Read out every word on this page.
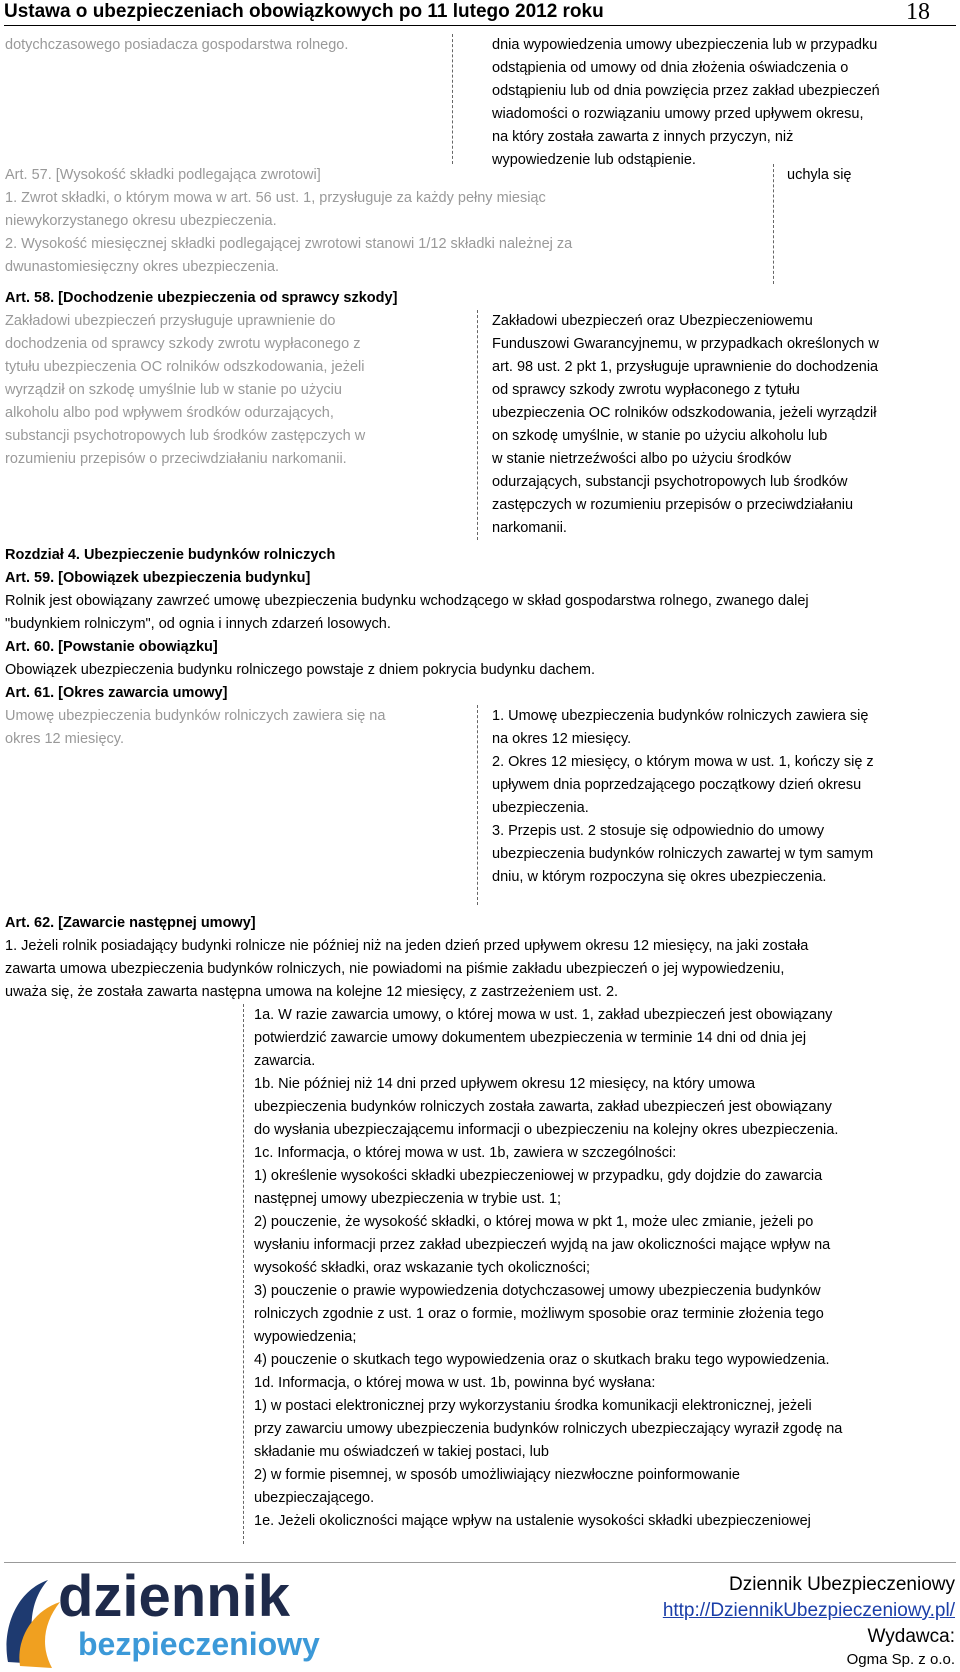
Ustawa o ubezpieczeniach obowiązkowych po 11 lutego 2012 roku	18
dotychczasowego posiadacza gospodarstwa rolnego.	dnia wypowiedzenia umowy ubezpieczenia lub w przypadku

odstąpienia od umowy od dnia złożenia oświadczenia o

odstąpieniu lub od dnia powzięcia przez zakład ubezpieczeń

wiadomości o rozwiązaniu umowy przed upływem okresu,

na który została zawarta z innych przyczyn, niż

wypowiedzenie lub odstąpienie.

Art. 57. [Wysokość składki podlegająca zwrotowi]

1. Zwrot składki, o którym mowa w art. 56 ust. 1, przysługuje za każdy pełny miesiąc

niewykorzystanego okresu ubezpieczenia.

2. Wysokość miesięcznej składki podlegającej zwrotowi stanowi 1/12 składki należnej za

dwunastomiesięczny okres ubezpieczenia.

uchyla się
Art. 58. [Dochodzenie ubezpieczenia od sprawcy szkody]

Zakładowi ubezpieczeń przysługuje uprawnienie do

dochodzenia od sprawcy szkody zwrotu wypłaconego z

tytułu ubezpieczenia OC rolników odszkodowania, jeżeli

wyrządził on szkodę umyślnie lub w stanie po użyciu

alkoholu albo pod wpływem środków odurzających,

substancji psychotropowych lub środków zastępczych w

rozumieniu przepisów o przeciwdziałaniu narkomanii.

Zakładowi ubezpieczeń oraz Ubezpieczeniowemu

Funduszowi Gwarancyjnemu, w przypadkach określonych w

art. 98 ust. 2 pkt 1, przysługuje uprawnienie do dochodzenia

od sprawcy szkody zwrotu wypłaconego z tytułu

ubezpieczenia OC rolników odszkodowania, jeżeli wyrządził

on szkodę umyślnie, w stanie po użyciu alkoholu lub

w stanie nietrzeźwości albo po użyciu środków

odurzających, substancji psychotropowych lub środków

zastępczych w rozumieniu przepisów o przeciwdziałaniu

narkomanii.

Rozdział 4. Ubezpieczenie budynków rolniczych

Art. 59. [Obowiązek ubezpieczenia budynku]

Rolnik jest obowiązany zawrzeć umowę ubezpieczenia budynku wchodzącego w skład gospodarstwa rolnego, zwanego dalej

"budynkiem rolniczym", od ognia i innych zdarzeń losowych.

Art. 60. [Powstanie obowiązku]

Obowiązek ubezpieczenia budynku rolniczego powstaje z dniem pokrycia budynku dachem.

Art. 61. [Okres zawarcia umowy]

Umowę ubezpieczenia budynków rolniczych zawiera się na

okres 12 miesięcy.

1. Umowę ubezpieczenia budynków rolniczych zawiera się

na okres 12 miesięcy.

2. Okres 12 miesięcy, o którym mowa w ust. 1, kończy się z

upływem dnia poprzedzającego początkowy dzień okresu

ubezpieczenia.

3. Przepis ust. 2 stosuje się odpowiednio do umowy

ubezpieczenia budynków rolniczych zawartej w tym samym

dniu, w którym rozpoczyna się okres ubezpieczenia.

Art. 62. [Zawarcie następnej umowy]

1. Jeżeli rolnik posiadający budynki rolnicze nie później niż na jeden dzień przed upływem okresu 12 miesięcy, na jaki została

zawarta umowa ubezpieczenia budynków rolniczych, nie powiadomi na piśmie zakładu ubezpieczeń o jej wypowiedzeniu,

uważa się, że została zawarta następna umowa na kolejne 12 miesięcy, z zastrzeżeniem ust. 2.

1a. W razie zawarcia umowy, o której mowa w ust. 1, zakład ubezpieczeń jest obowiązany

potwierdzić zawarcie umowy dokumentem ubezpieczenia w terminie 14 dni od dnia jej

zawarcia.

1b. Nie później niż 14 dni przed upływem okresu 12 miesięcy, na który umowa

ubezpieczenia budynków rolniczych została zawarta, zakład ubezpieczeń jest obowiązany

do wysłania ubezpieczającemu informacji o ubezpieczeniu na kolejny okres ubezpieczenia.

1c. Informacja, o której mowa w ust. 1b, zawiera w szczególności:

1) określenie wysokości składki ubezpieczeniowej w przypadku, gdy dojdzie do zawarcia

następnej umowy ubezpieczenia w trybie ust. 1;

2) pouczenie, że wysokość składki, o której mowa w pkt 1, może ulec zmianie, jeżeli po

wysłaniu informacji przez zakład ubezpieczeń wyjdą na jaw okoliczności mające wpływ na

wysokość składki, oraz wskazanie tych okoliczności;

3) pouczenie o prawie wypowiedzenia dotychczasowej umowy ubezpieczenia budynków

rolniczych zgodnie z ust. 1 oraz o formie, możliwym sposobie oraz terminie złożenia tego

wypowiedzenia;

4) pouczenie o skutkach tego wypowiedzenia oraz o skutkach braku tego wypowiedzenia.

1d. Informacja, o której mowa w ust. 1b, powinna być wysłana:

1) w postaci elektronicznej przy wykorzystaniu środka komunikacji elektronicznej, jeżeli

przy zawarciu umowy ubezpieczenia budynków rolniczych ubezpieczający wyraził zgodę na

składanie mu oświadczeń w takiej postaci, lub

2) w formie pisemnej, w sposób umożliwiający niezwłoczne poinformowanie

ubezpieczającego.

1e. Jeżeli okoliczności mające wpływ na ustalenie wysokości składki ubezpieczeniowej

dziennik
bezpieczeniowy
Dziennik Ubezpieczeniowy
http://DziennikUbezpieczeniowy.pl/
Wydawca:
Ogma Sp. z o.o.
